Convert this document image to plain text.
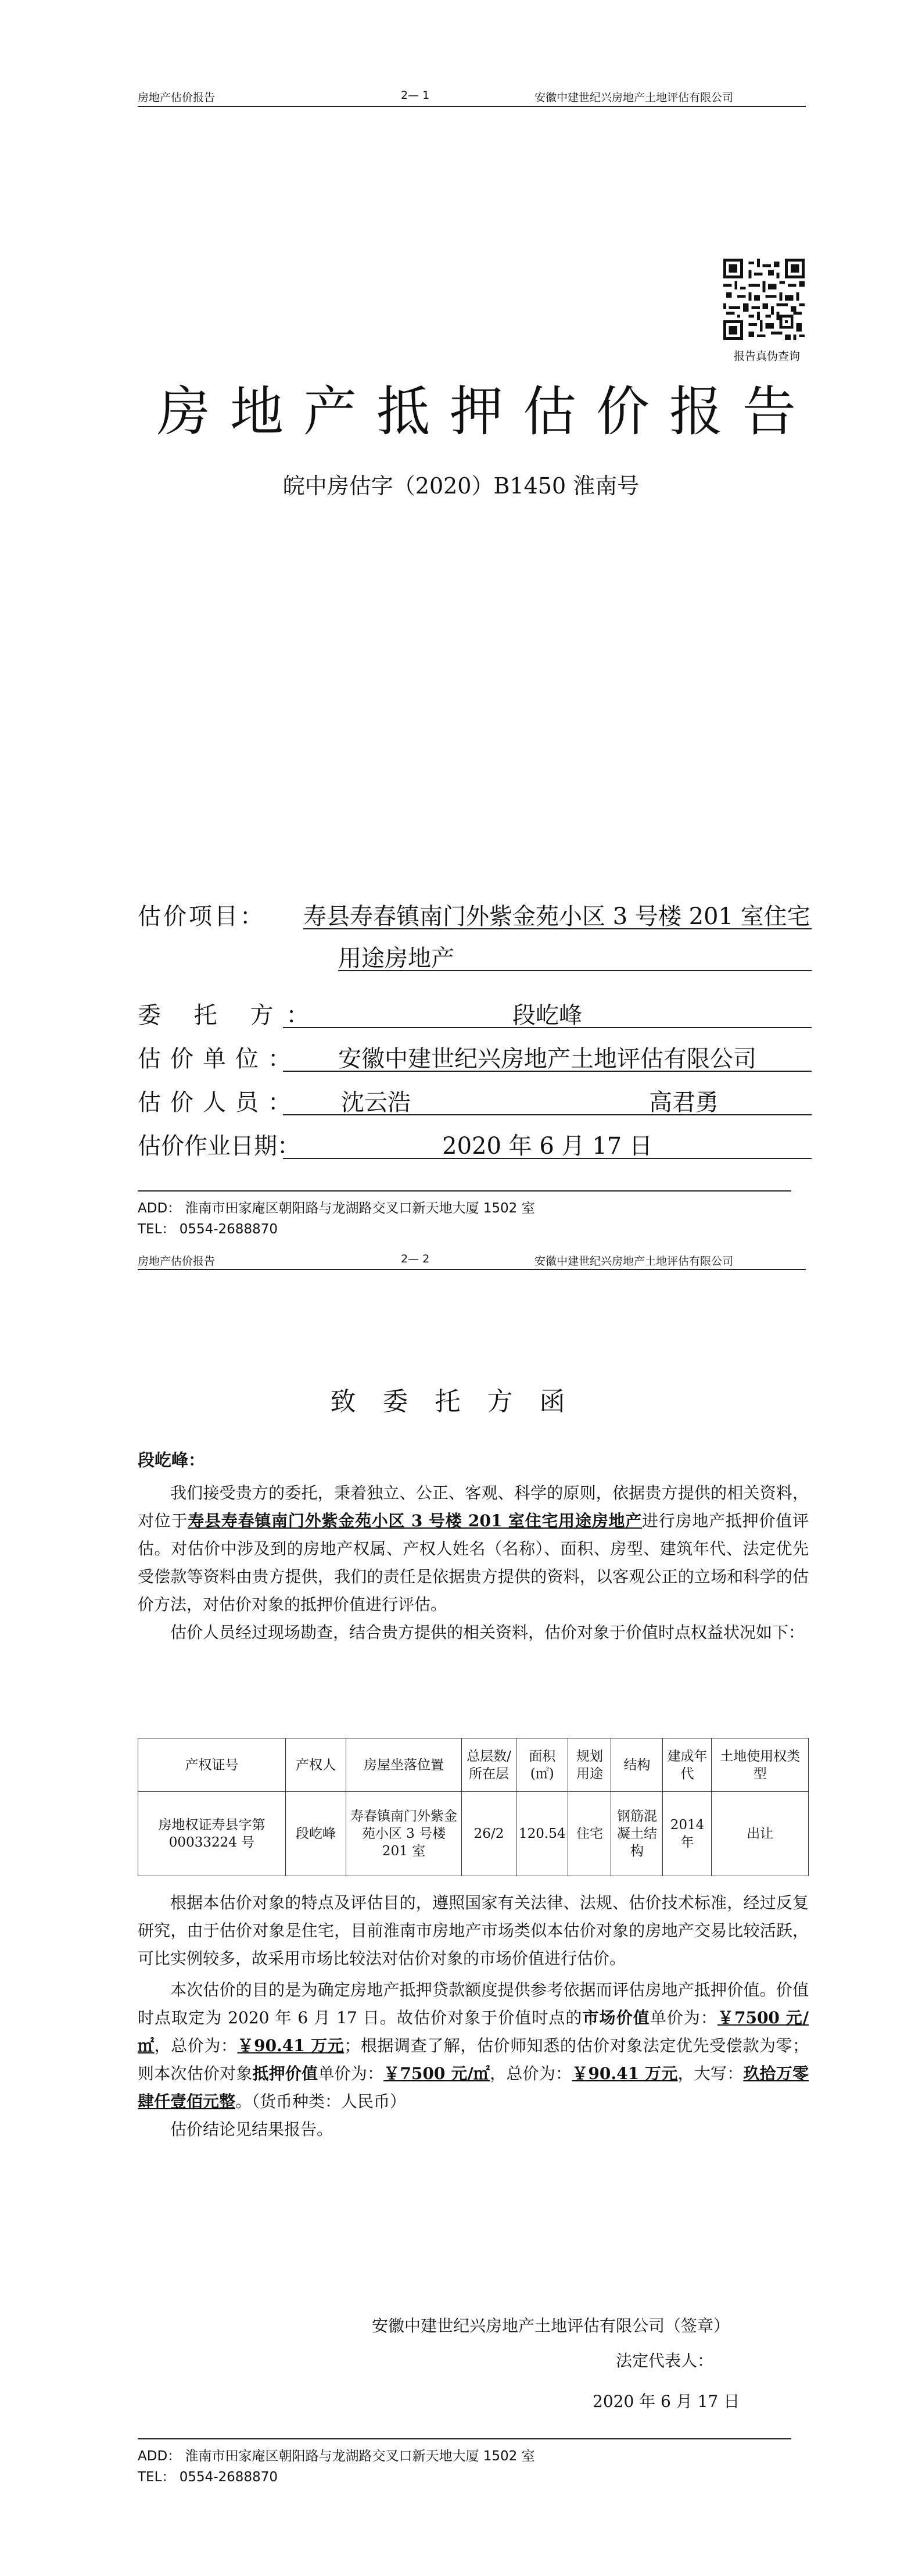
房地产估价报告	2— 1	安徽中建世纪兴房地产土地评估有限公司
报告真伪查询
房地产抵押估价报告
皖中房估字（2020）B1450 淮南号
估价项目： 寿县寿春镇南门外紫金苑小区 3 号楼 201 室住宅
用途房地产
委 托 方：	段屹峰
估价单位：	安徽中建世纪兴房地产土地评估有限公司
估价人员： 沈云浩	高君勇
估价作业日期：	2020 年 6 月 17 日
ADD： 淮南市田家庵区朝阳路与龙湖路交叉口新天地大厦 1502 室
TEL： 0554-2688870
房地产估价报告	2— 2	安徽中建世纪兴房地产土地评估有限公司
致委托方函
段屹峰：

我们接受贵方的委托，秉着独立、公正、客观、科学的原则，依据贵方提供的相关资料，对位于寿县寿春镇南门外紫金苑小区 3 号楼 201 室住宅用途房地产进行房地产抵押价值评估。对估价中涉及到的房地产权属、产权人姓名（名称）、面积、房型、建筑年代、法定优先受偿款等资料由贵方提供，我们的责任是依据贵方提供的资料，以客观公正的立场和科学的估价方法，对估价对象的抵押价值进行评估。

估价人员经过现场勘查，结合贵方提供的相关资料，估价对象于价值时点权益状况如下：

产权证号	产权人	房屋坐落位置	总层数/所在层	面积(㎡)	规划用途	结构	建成年代	土地使用权类型
房地权证寿县字第 00033224 号	段屹峰	寿春镇南门外紫金苑小区 3 号楼 201 室	26/2	120.54	住宅	钢筋混凝土结构	2014 年	出让

根据本估价对象的特点及评估目的，遵照国家有关法律、法规、估价技术标准，经过反复研究，由于估价对象是住宅，目前淮南市房地产市场类似本估价对象的房地产交易比较活跃，可比实例较多，故采用市场比较法对估价对象的市场价值进行估价。

本次估价的目的是为确定房地产抵押贷款额度提供参考依据而评估房地产抵押价值。价值时点取定为 2020 年 6 月 17 日。故估价对象于价值时点的市场价值单价为：￥7500 元/㎡，总价为：￥90.41 万元；根据调查了解，估价师知悉的估价对象法定优先受偿款为零；则本次估价对象抵押价值单价为：￥7500 元/㎡，总价为：￥90.41 万元，大写：玖拾万零肆仟壹佰元整。（货币种类：人民币）

估价结论见结果报告。

安徽中建世纪兴房地产土地评估有限公司（签章）
法定代表人：
2020 年 6 月 17 日
ADD： 淮南市田家庵区朝阳路与龙湖路交叉口新天地大厦 1502 室
TEL： 0554-2688870
